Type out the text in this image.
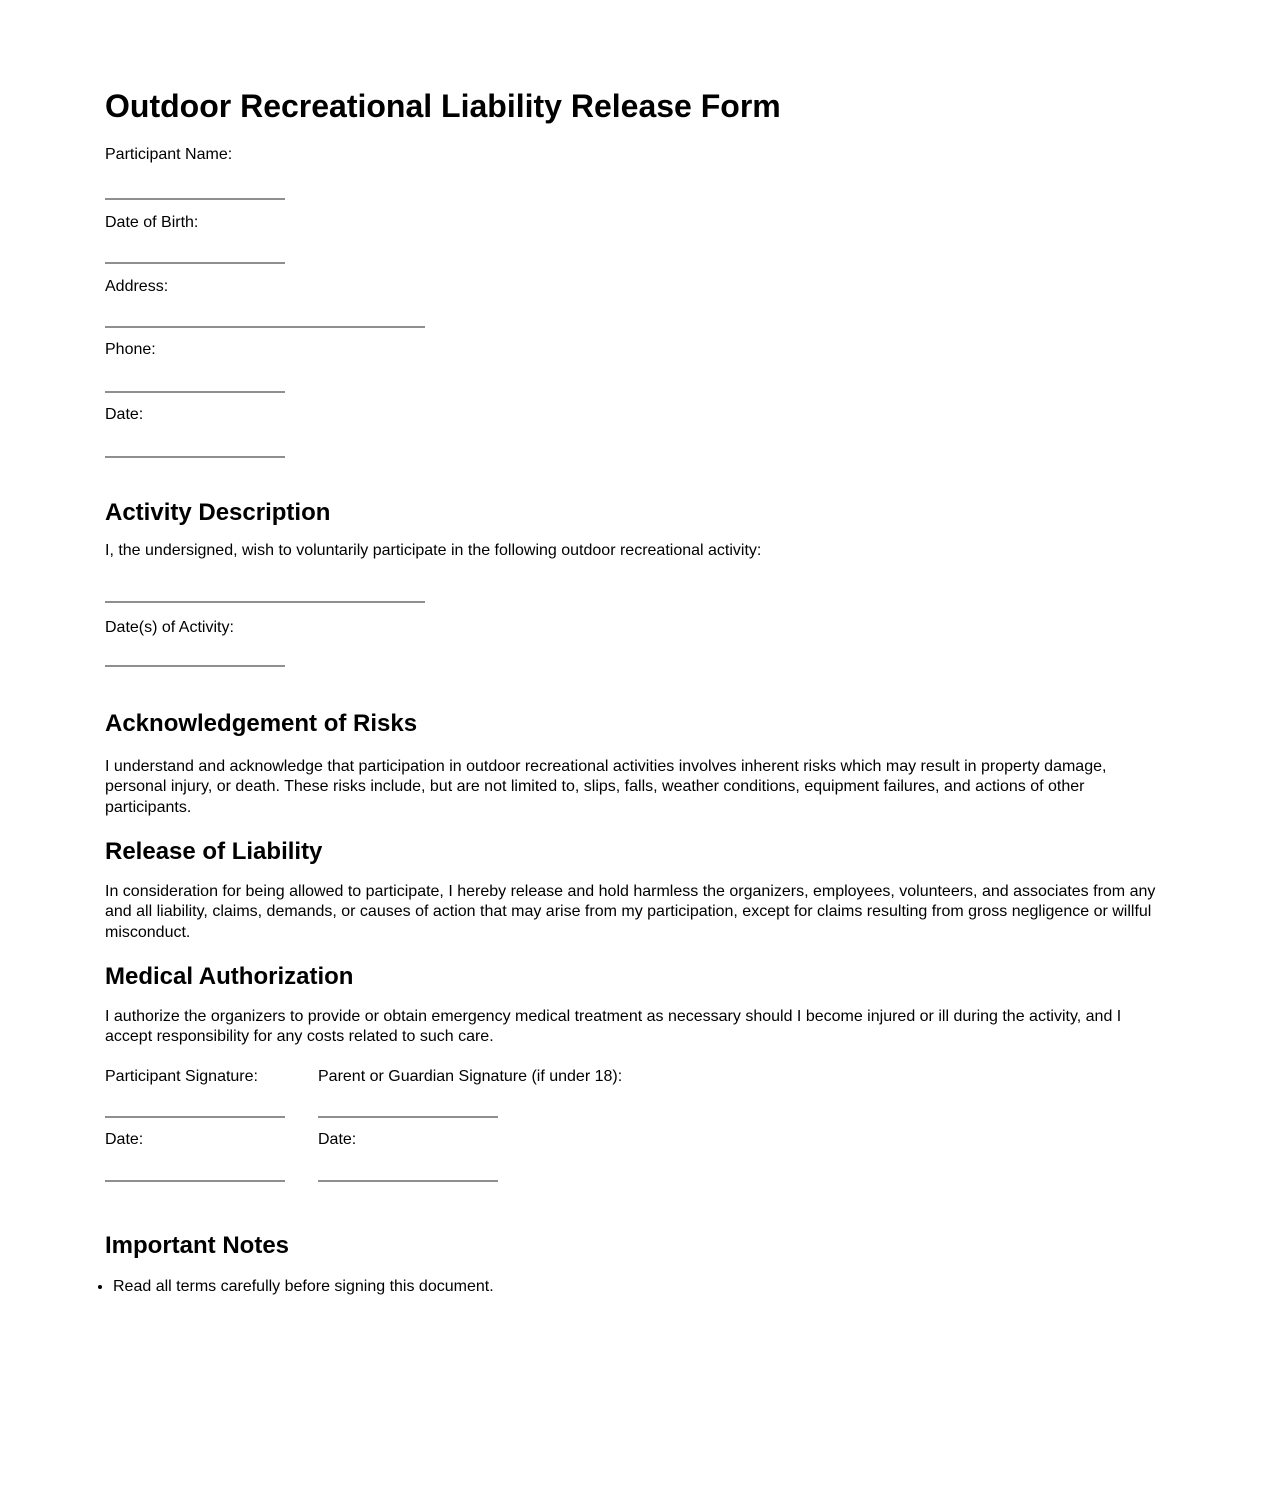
Outdoor Recreational Liability Release Form

Participant Name:

Date of Birth:

Address:

Phone:

Date:

Activity Description

I, the undersigned, wish to voluntarily participate in the following outdoor recreational activity:

Date(s) of Activity:

Acknowledgement of Risks

I understand and acknowledge that participation in outdoor recreational activities involves inherent risks which may result in property damage, personal injury, or death. These risks include, but are not limited to, slips, falls, weather conditions, equipment failures, and actions of other participants.

Release of Liability

In consideration for being allowed to participate, I hereby release and hold harmless the organizers, employees, volunteers, and associates from any and all liability, claims, demands, or causes of action that may arise from my participation, except for claims resulting from gross negligence or willful misconduct.

Medical Authorization

I authorize the organizers to provide or obtain emergency medical treatment as necessary should I become injured or ill during the activity, and I accept responsibility for any costs related to such care.

Participant Signature:

Date:

Parent or Guardian Signature (if under 18):

Date:

Important Notes
• Read all terms carefully before signing this document.
